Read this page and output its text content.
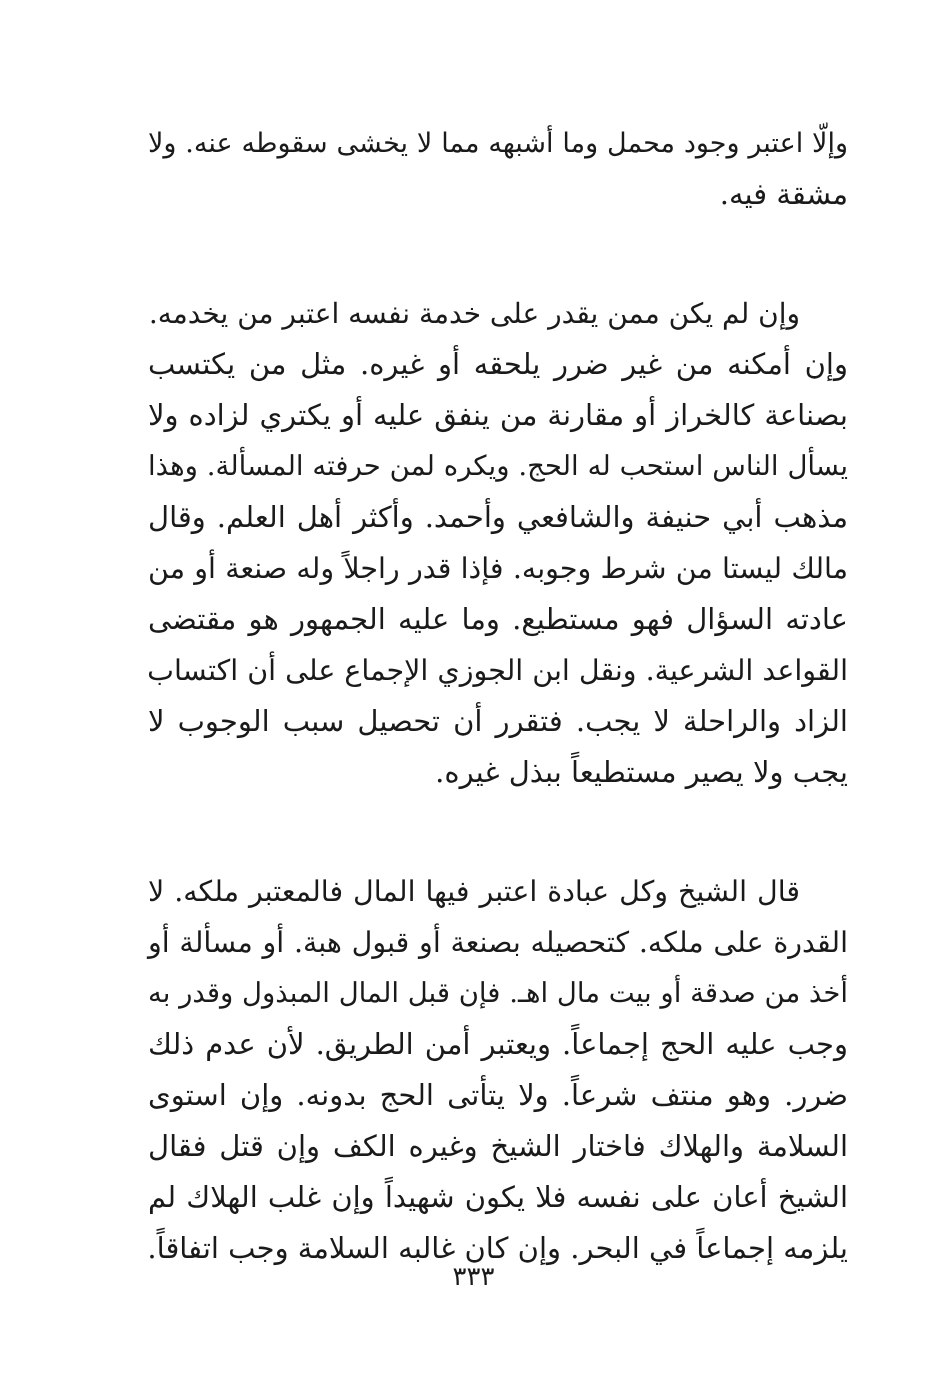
وإلّا اعتبر وجود محمل وما أشبهه مما لا يخشى سقوطه عنه. ولا
مشقة فيه.
وإن لم يكن ممن يقدر على خدمة نفسه اعتبر من يخدمه.
وإن أمكنه من غير ضرر يلحقه أو غيره. مثل من يكتسب
بصناعة كالخراز أو مقارنة من ينفق عليه أو يكتري لزاده ولا
يسأل الناس استحب له الحج. ويكره لمن حرفته المسألة. وهذا
مذهب أبي حنيفة والشافعي وأحمد. وأكثر أهل العلم. وقال
مالك ليستا من شرط وجوبه. فإذا قدر راجلاً وله صنعة أو من
عادته السؤال فهو مستطيع. وما عليه الجمهور هو مقتضى
القواعد الشرعية. ونقل ابن الجوزي الإجماع على أن اكتساب
الزاد والراحلة لا يجب. فتقرر أن تحصيل سبب الوجوب لا
يجب ولا يصير مستطيعاً ببذل غيره.
قال الشيخ وكل عبادة اعتبر فيها المال فالمعتبر ملكه. لا
القدرة على ملكه. كتحصيله بصنعة أو قبول هبة. أو مسألة أو
أخذ من صدقة أو بيت مال اهـ. فإن قبل المال المبذول وقدر به
وجب عليه الحج إجماعاً. ويعتبر أمن الطريق. لأن عدم ذلك
ضرر. وهو منتف شرعاً. ولا يتأتى الحج بدونه. وإن استوى
السلامة والهلاك فاختار الشيخ وغيره الكف وإن قتل فقال
الشيخ أعان على نفسه فلا يكون شهيداً وإن غلب الهلاك لم
يلزمه إجماعاً في البحر. وإن كان غالبه السلامة وجب اتفاقاً.
٣٣٣
